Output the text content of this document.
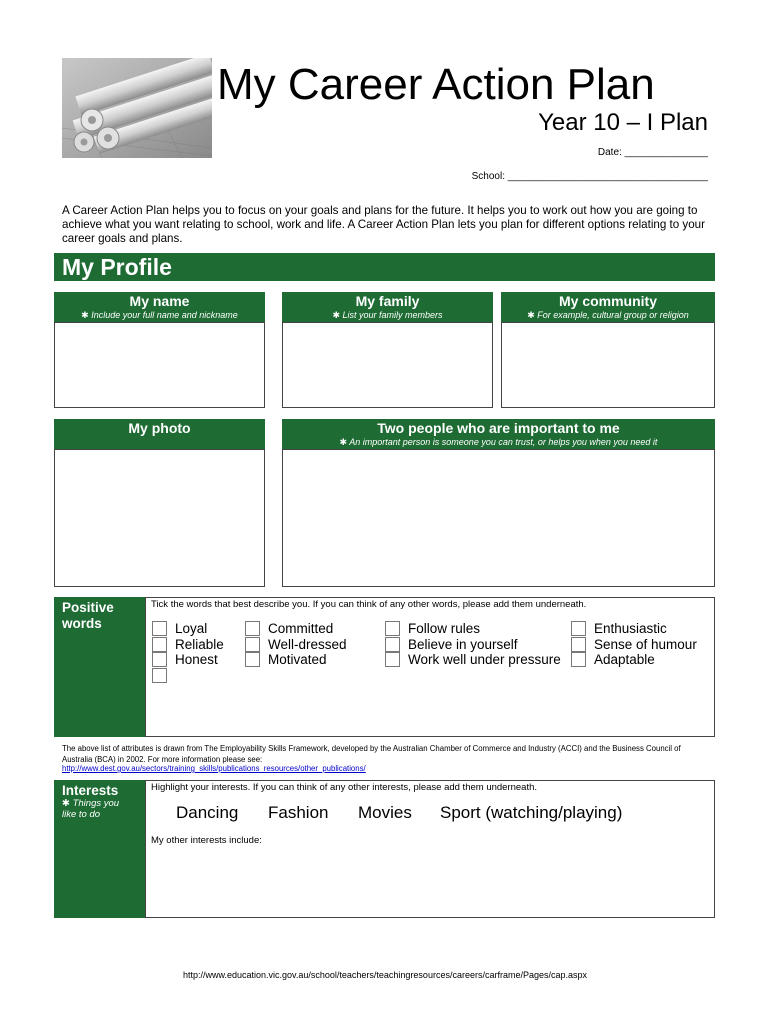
My Career Action Plan
Year 10 – I Plan
Date: _______________
School: ____________________________________
A Career Action Plan helps you to focus on your goals and plans for the future. It helps you to work out how you are going to achieve what you want relating to school, work and life. A Career Action Plan lets you plan for different options relating to your career goals and plans.
My Profile
My name
✱ Include your full name and nickname
My family
✱ List your family members
My community
✱ For example, cultural group or religion
My photo	Two people who are important to me
✱ An important person is someone you can trust, or helps you when you need it
Positive words
Tick the words that best describe you. If you can think of any other words, please add them underneath.
Loyal
Reliable
Honest
Committed
Well-dressed
Motivated
Follow rules
Believe in yourself
Work well under pressure
Enthusiastic
Sense of humour
Adaptable
The above list of attributes is drawn from The Employability Skills Framework, developed by the Australian Chamber of Commerce and Industry (ACCI) and the Business Council of Australia (BCA) in 2002. For more information please see:
http://www.dest.gov.au/sectors/training_skills/publications_resources/other_publications/
Interests
✱ Things you like to do
Highlight your interests. If you can think of any other interests, please add them underneath.
Dancing Fashion Movies Sport (watching/playing)
My other interests include:
http://www.education.vic.gov.au/school/teachers/teachingresources/careers/carframe/Pages/cap.aspx
